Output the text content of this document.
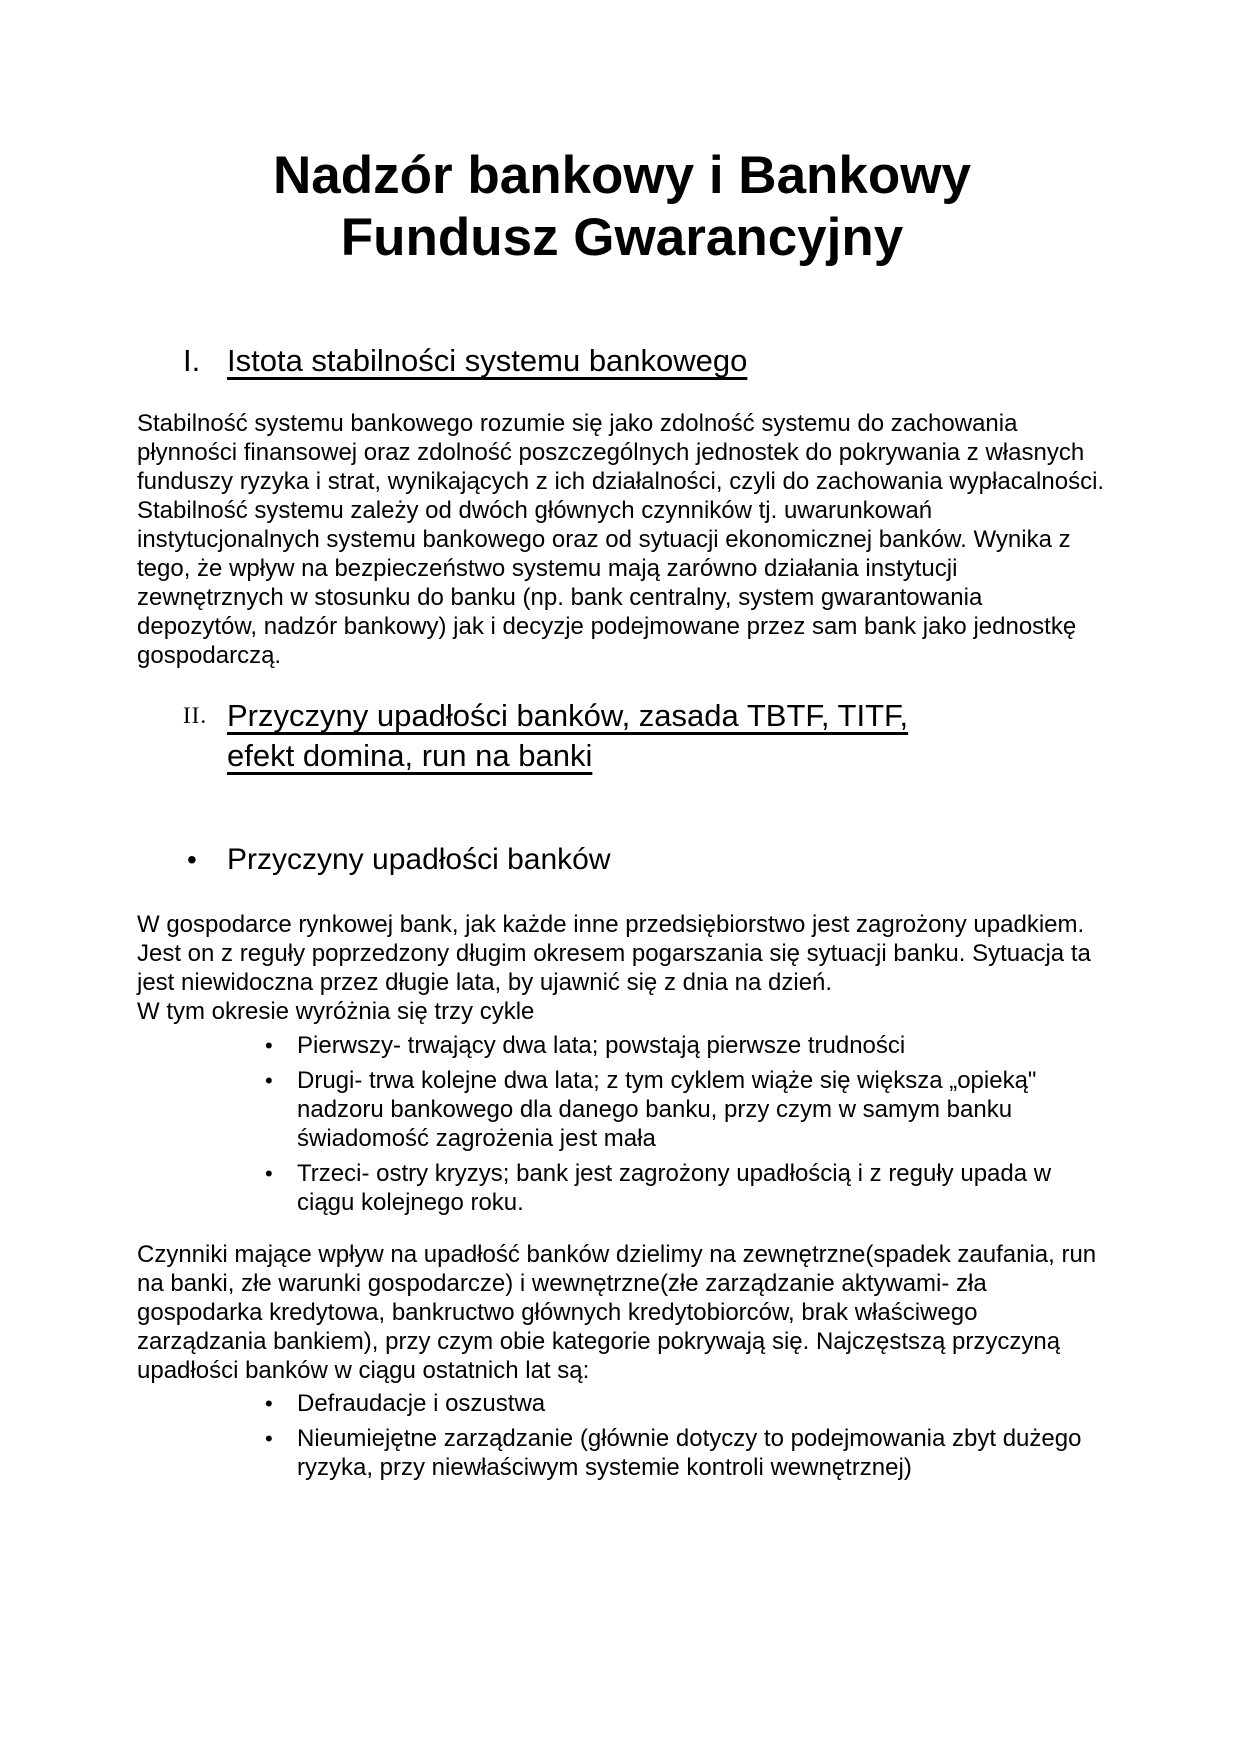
Nadzór bankowy i Bankowy
Fundusz Gwarancyjny
I. Istota stabilności systemu bankowego

Stabilność systemu bankowego rozumie się jako zdolność systemu do zachowania płynności finansowej oraz zdolność poszczególnych jednostek do pokrywania z własnych funduszy ryzyka i strat, wynikających z ich działalności, czyli do zachowania wypłacalności. Stabilność systemu zależy od dwóch głównych czynników tj. uwarunkowań instytucjonalnych systemu bankowego oraz od sytuacji ekonomicznej banków. Wynika z tego, że wpływ na bezpieczeństwo systemu mają zarówno działania instytucji zewnętrznych w stosunku do banku (np. bank centralny, system gwarantowania depozytów, nadzór bankowy) jak i decyzje podejmowane przez sam bank jako jednostkę gospodarczą.

II. Przyczyny upadłości banków, zasada TBTF, TITF,
efekt domina, run na banki
•
Przyczyny upadłości banków
W gospodarce rynkowej bank, jak każde inne przedsiębiorstwo jest zagrożony upadkiem. Jest on z reguły poprzedzony długim okresem pogarszania się sytuacji banku. Sytuacja ta jest niewidoczna przez długie lata, by ujawnić się z dnia na dzień.
W tym okresie wyróżnia się trzy cykle
•
Pierwszy- trwający dwa lata; powstają pierwsze trudności
•
Drugi- trwa kolejne dwa lata; z tym cyklem wiąże się większa „opieką" nadzoru bankowego dla danego banku, przy czym w samym banku świadomość zagrożenia jest mała
•
Trzeci- ostry kryzys; bank jest zagrożony upadłością i z reguły upada w ciągu kolejnego roku.

Czynniki mające wpływ na upadłość banków dzielimy na zewnętrzne(spadek zaufania, run na banki, złe warunki gospodarcze) i wewnętrzne(złe zarządzanie aktywami- zła gospodarka kredytowa, bankructwo głównych kredytobiorców, brak właściwego zarządzania bankiem), przy czym obie kategorie pokrywają się. Najczęstszą przyczyną upadłości banków w ciągu ostatnich lat są:

•
Defraudacje i oszustwa
•
Nieumiejętne zarządzanie (głównie dotyczy to podejmowania zbyt dużego ryzyka, przy niewłaściwym systemie kontroli wewnętrznej)
